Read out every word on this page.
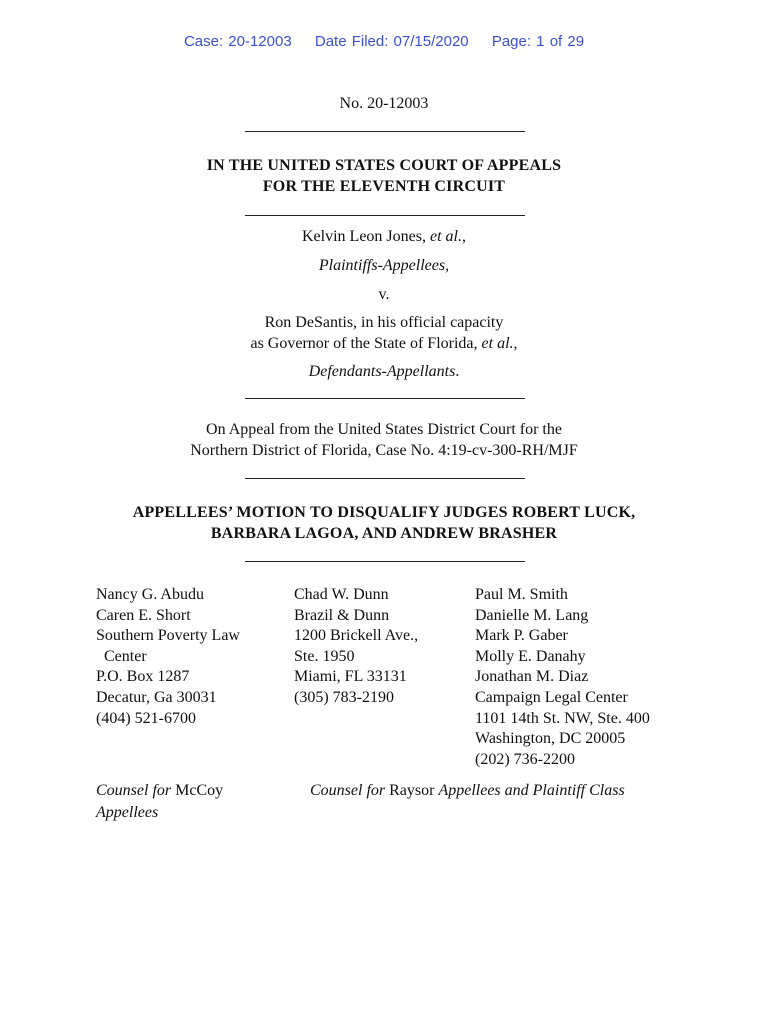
Case: 20-12003 Date Filed: 07/15/2020 Page: 1 of 29
No. 20-12003
IN THE UNITED STATES COURT OF APPEALS
FOR THE ELEVENTH CIRCUIT
Kelvin Leon Jones, et al.,
Plaintiffs-Appellees,
v.
Ron DeSantis, in his official capacity
as Governor of the State of Florida, et al.,
Defendants-Appellants.
On Appeal from the United States District Court for the
Northern District of Florida, Case No. 4:19-cv-300-RH/MJF
APPELLEES’ MOTION TO DISQUALIFY JUDGES ROBERT LUCK,
BARBARA LAGOA, AND ANDREW BRASHER
Nancy G. Abudu
Caren E. Short
Southern Poverty Law
Center
P.O. Box 1287
Decatur, Ga 30031
(404) 521-6700
Chad W. Dunn
Brazil & Dunn
1200 Brickell Ave.,
Ste. 1950
Miami, FL 33131
(305) 783-2190
Paul M. Smith
Danielle M. Lang
Mark P. Gaber
Molly E. Danahy
Jonathan M. Diaz
Campaign Legal Center
1101 14th St. NW, Ste. 400
Washington, DC 20005
(202) 736-2200
Counsel for McCoy
Appellees
Counsel for Raysor Appellees and Plaintiff Class
